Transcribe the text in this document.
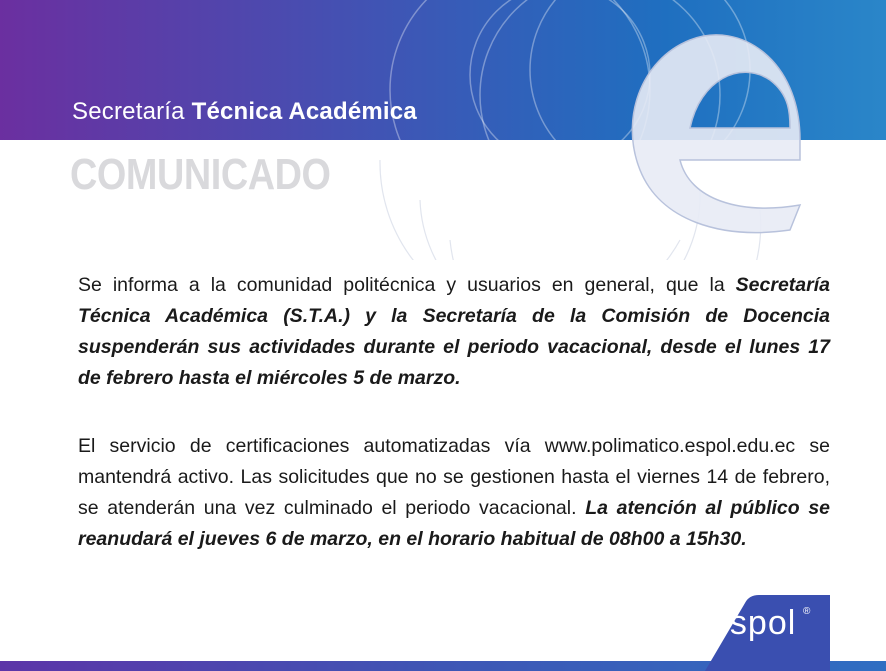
Secretaría Técnica Académica
COMUNICADO
Se informa a la comunidad politécnica y usuarios en general, que la Secretaría Técnica Académica (S.T.A.) y la Secretaría de la Comisión de Docencia suspenderán sus actividades durante el periodo vacacional, desde el lunes 17 de febrero hasta el miércoles 5 de marzo.
El servicio de certificaciones automatizadas vía www.polimatico.espol.edu.ec se mantendrá activo. Las solicitudes que no se gestionen hasta el viernes 14 de febrero, se atenderán una vez culminado el periodo vacacional. La atención al público se reanudará el jueves 6 de marzo, en el horario habitual de 08h00 a 15h30.
espol ®
